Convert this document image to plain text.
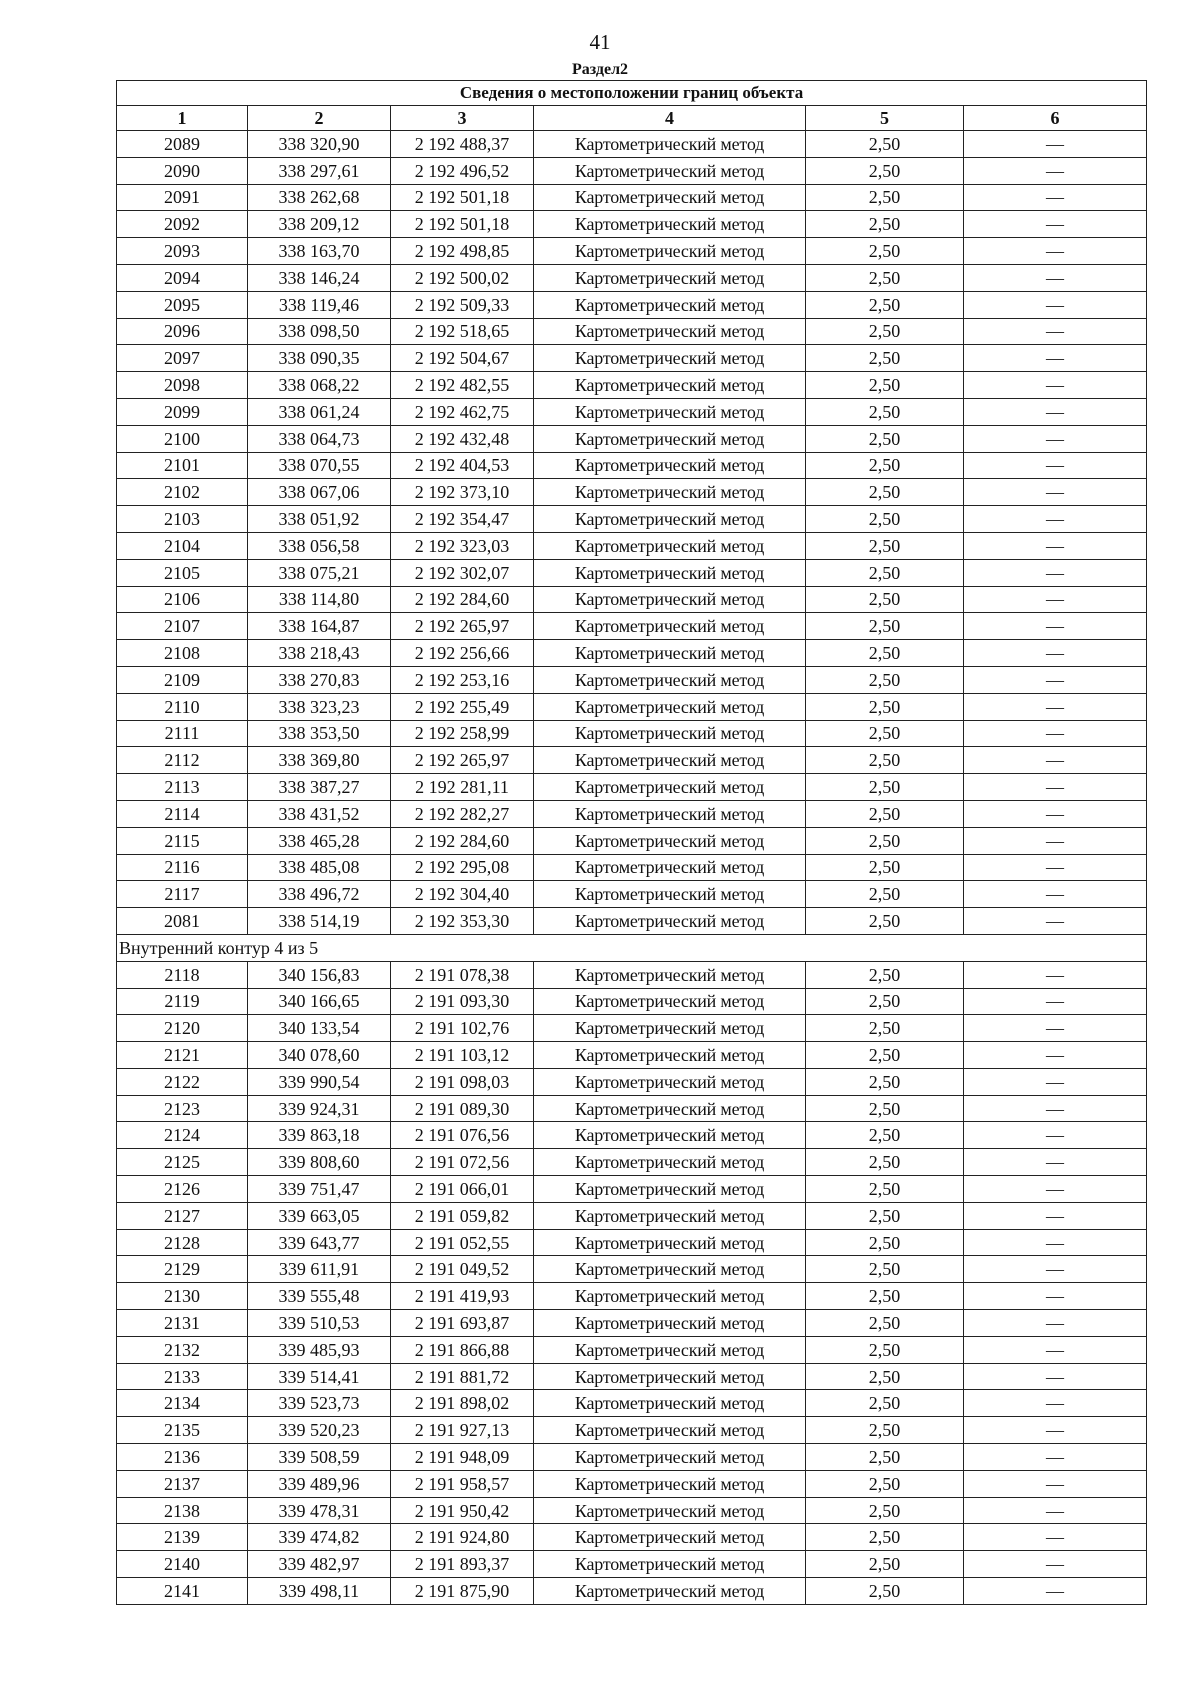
41
Раздел2
Сведения о местоположении границ объекта					
1	2	3	4	5	6
2089	338 320,90	2 192 488,37	Картометрический метод	2,50	—
2090	338 297,61	2 192 496,52	Картометрический метод	2,50	—
2091	338 262,68	2 192 501,18	Картометрический метод	2,50	—
2092	338 209,12	2 192 501,18	Картометрический метод	2,50	—
2093	338 163,70	2 192 498,85	Картометрический метод	2,50	—
2094	338 146,24	2 192 500,02	Картометрический метод	2,50	—
2095	338 119,46	2 192 509,33	Картометрический метод	2,50	—
2096	338 098,50	2 192 518,65	Картометрический метод	2,50	—
2097	338 090,35	2 192 504,67	Картометрический метод	2,50	—
2098	338 068,22	2 192 482,55	Картометрический метод	2,50	—
2099	338 061,24	2 192 462,75	Картометрический метод	2,50	—
2100	338 064,73	2 192 432,48	Картометрический метод	2,50	—
2101	338 070,55	2 192 404,53	Картометрический метод	2,50	—
2102	338 067,06	2 192 373,10	Картометрический метод	2,50	—
2103	338 051,92	2 192 354,47	Картометрический метод	2,50	—
2104	338 056,58	2 192 323,03	Картометрический метод	2,50	—
2105	338 075,21	2 192 302,07	Картометрический метод	2,50	—
2106	338 114,80	2 192 284,60	Картометрический метод	2,50	—
2107	338 164,87	2 192 265,97	Картометрический метод	2,50	—
2108	338 218,43	2 192 256,66	Картометрический метод	2,50	—
2109	338 270,83	2 192 253,16	Картометрический метод	2,50	—
2110	338 323,23	2 192 255,49	Картометрический метод	2,50	—
2111	338 353,50	2 192 258,99	Картометрический метод	2,50	—
2112	338 369,80	2 192 265,97	Картометрический метод	2,50	—
2113	338 387,27	2 192 281,11	Картометрический метод	2,50	—
2114	338 431,52	2 192 282,27	Картометрический метод	2,50	—
2115	338 465,28	2 192 284,60	Картометрический метод	2,50	—
2116	338 485,08	2 192 295,08	Картометрический метод	2,50	—
2117	338 496,72	2 192 304,40	Картометрический метод	2,50	—
2081	338 514,19	2 192 353,30	Картометрический метод	2,50	—
Внутренний контур 4 из 5					
2118	340 156,83	2 191 078,38	Картометрический метод	2,50	—
2119	340 166,65	2 191 093,30	Картометрический метод	2,50	—
2120	340 133,54	2 191 102,76	Картометрический метод	2,50	—
2121	340 078,60	2 191 103,12	Картометрический метод	2,50	—
2122	339 990,54	2 191 098,03	Картометрический метод	2,50	—
2123	339 924,31	2 191 089,30	Картометрический метод	2,50	—
2124	339 863,18	2 191 076,56	Картометрический метод	2,50	—
2125	339 808,60	2 191 072,56	Картометрический метод	2,50	—
2126	339 751,47	2 191 066,01	Картометрический метод	2,50	—
2127	339 663,05	2 191 059,82	Картометрический метод	2,50	—
2128	339 643,77	2 191 052,55	Картометрический метод	2,50	—
2129	339 611,91	2 191 049,52	Картометрический метод	2,50	—
2130	339 555,48	2 191 419,93	Картометрический метод	2,50	—
2131	339 510,53	2 191 693,87	Картометрический метод	2,50	—
2132	339 485,93	2 191 866,88	Картометрический метод	2,50	—
2133	339 514,41	2 191 881,72	Картометрический метод	2,50	—
2134	339 523,73	2 191 898,02	Картометрический метод	2,50	—
2135	339 520,23	2 191 927,13	Картометрический метод	2,50	—
2136	339 508,59	2 191 948,09	Картометрический метод	2,50	—
2137	339 489,96	2 191 958,57	Картометрический метод	2,50	—
2138	339 478,31	2 191 950,42	Картометрический метод	2,50	—
2139	339 474,82	2 191 924,80	Картометрический метод	2,50	—
2140	339 482,97	2 191 893,37	Картометрический метод	2,50	—
2141	339 498,11	2 191 875,90	Картометрический метод	2,50	—
